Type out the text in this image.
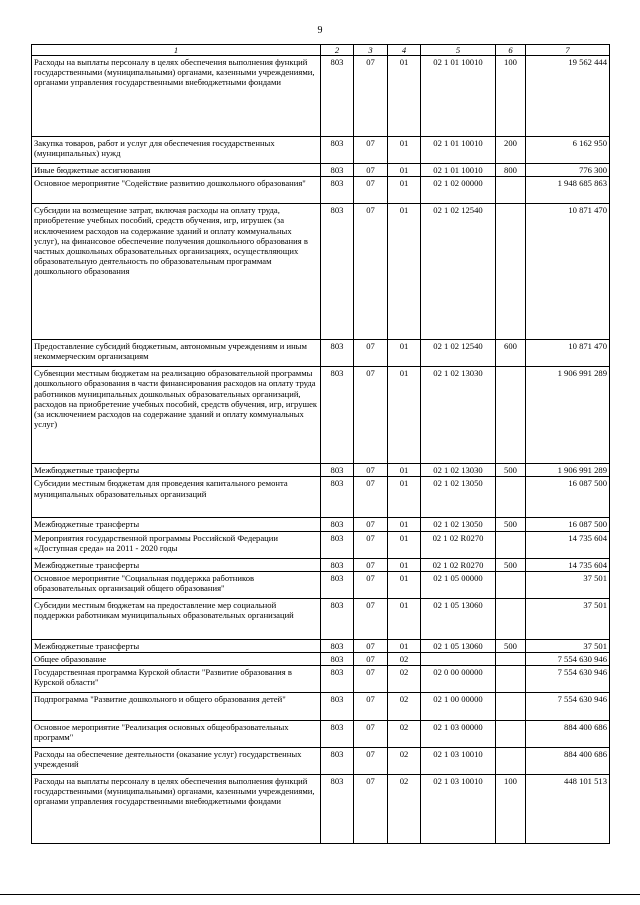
9
1	2	3	4	5	6	7
Расходы на выплаты персоналу в целях обеспечения выполнения функций государственными (муниципальными) органами, казенными учреждениями, органами управления государственными внебюджетными фондами	803	07	01	02 1 01 10010	100	19 562 444
Закупка товаров, работ и услуг для обеспечения государственных (муниципальных) нужд	803	07	01	02 1 01 10010	200	6 162 950
Иные бюджетные ассигнования	803	07	01	02 1 01 10010	800	776 300
Основное мероприятие "Содействие развитию дошкольного образования"	803	07	01	02 1 02 00000		1 948 685 863
Субсидии на возмещение затрат, включая расходы на оплату труда, приобретение учебных пособий, средств обучения, игр, игрушек (за исключением расходов на содержание зданий и оплату коммунальных услуг), на финансовое обеспечение получения дошкольного образования в частных дошкольных образовательных организациях, осуществляющих образовательную деятельность по образовательным программам дошкольного образования	803	07	01	02 1 02 12540		10 871 470
Предоставление субсидий бюджетным, автономным учреждениям и иным некоммерческим организациям	803	07	01	02 1 02 12540	600	10 871 470
Субвенции местным бюджетам на реализацию образовательной программы дошкольного образования в части финансирования расходов на оплату труда работников муниципальных дошкольных образовательных организаций, расходов на приобретение учебных пособий, средств обучения, игр, игрушек (за исключением расходов на содержание зданий и оплату коммунальных услуг)	803	07	01	02 1 02 13030		1 906 991 289
Межбюджетные трансферты	803	07	01	02 1 02 13030	500	1 906 991 289
Субсидии местным бюджетам для проведения капитального ремонта муниципальных образовательных организаций	803	07	01	02 1 02 13050		16 087 500
Межбюджетные трансферты	803	07	01	02 1 02 13050	500	16 087 500
Мероприятия государственной программы Российской Федерации «Доступная среда» на 2011 - 2020 годы	803	07	01	02 1 02 R0270		14 735 604
Межбюджетные трансферты	803	07	01	02 1 02 R0270	500	14 735 604
Основное мероприятие "Социальная поддержка работников образовательных организаций общего образования"	803	07	01	02 1 05 00000		37 501
Субсидии местным бюджетам на предоставление мер социальной поддержки работникам муниципальных образовательных организаций	803	07	01	02 1 05 13060		37 501
Межбюджетные трансферты	803	07	01	02 1 05 13060	500	37 501
Общее образование	803	07	02			7 554 630 946
Государственная программа Курской области "Развитие образования в Курской области"	803	07	02	02 0 00 00000		7 554 630 946
Подпрограмма "Развитие дошкольного и общего образования детей"	803	07	02	02 1 00 00000		7 554 630 946
Основное мероприятие "Реализация основных общеобразовательных программ"	803	07	02	02 1 03 00000		884 400 686
Расходы на обеспечение деятельности (оказание услуг) государственных учреждений	803	07	02	02 1 03 10010		884 400 686
Расходы на выплаты персоналу в целях обеспечения выполнения функций государственными (муниципальными) органами, казенными учреждениями, органами управления государственными внебюджетными фондами	803	07	02	02 1 03 10010	100	448 101 513
